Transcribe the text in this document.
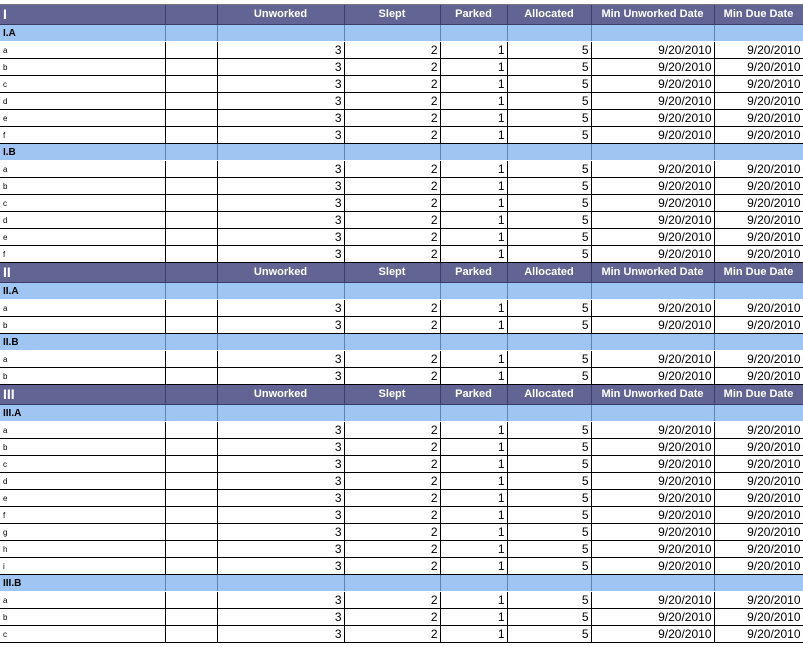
I		Unworked	Slept	Parked	Allocated	Min Unworked Date	Min Due Date
I.A							
a		3	2	1	5	9/20/2010	9/20/2010
b		3	2	1	5	9/20/2010	9/20/2010
c		3	2	1	5	9/20/2010	9/20/2010
d		3	2	1	5	9/20/2010	9/20/2010
e		3	2	1	5	9/20/2010	9/20/2010
f		3	2	1	5	9/20/2010	9/20/2010
I.B							
a		3	2	1	5	9/20/2010	9/20/2010
b		3	2	1	5	9/20/2010	9/20/2010
c		3	2	1	5	9/20/2010	9/20/2010
d		3	2	1	5	9/20/2010	9/20/2010
e		3	2	1	5	9/20/2010	9/20/2010
f		3	2	1	5	9/20/2010	9/20/2010
II		Unworked	Slept	Parked	Allocated	Min Unworked Date	Min Due Date
II.A							
a		3	2	1	5	9/20/2010	9/20/2010
b		3	2	1	5	9/20/2010	9/20/2010
II.B							
a		3	2	1	5	9/20/2010	9/20/2010
b		3	2	1	5	9/20/2010	9/20/2010
III		Unworked	Slept	Parked	Allocated	Min Unworked Date	Min Due Date
III.A							
a		3	2	1	5	9/20/2010	9/20/2010
b		3	2	1	5	9/20/2010	9/20/2010
c		3	2	1	5	9/20/2010	9/20/2010
d		3	2	1	5	9/20/2010	9/20/2010
e		3	2	1	5	9/20/2010	9/20/2010
f		3	2	1	5	9/20/2010	9/20/2010
g		3	2	1	5	9/20/2010	9/20/2010
h		3	2	1	5	9/20/2010	9/20/2010
i		3	2	1	5	9/20/2010	9/20/2010
III.B							
a		3	2	1	5	9/20/2010	9/20/2010
b		3	2	1	5	9/20/2010	9/20/2010
c		3	2	1	5	9/20/2010	9/20/2010
